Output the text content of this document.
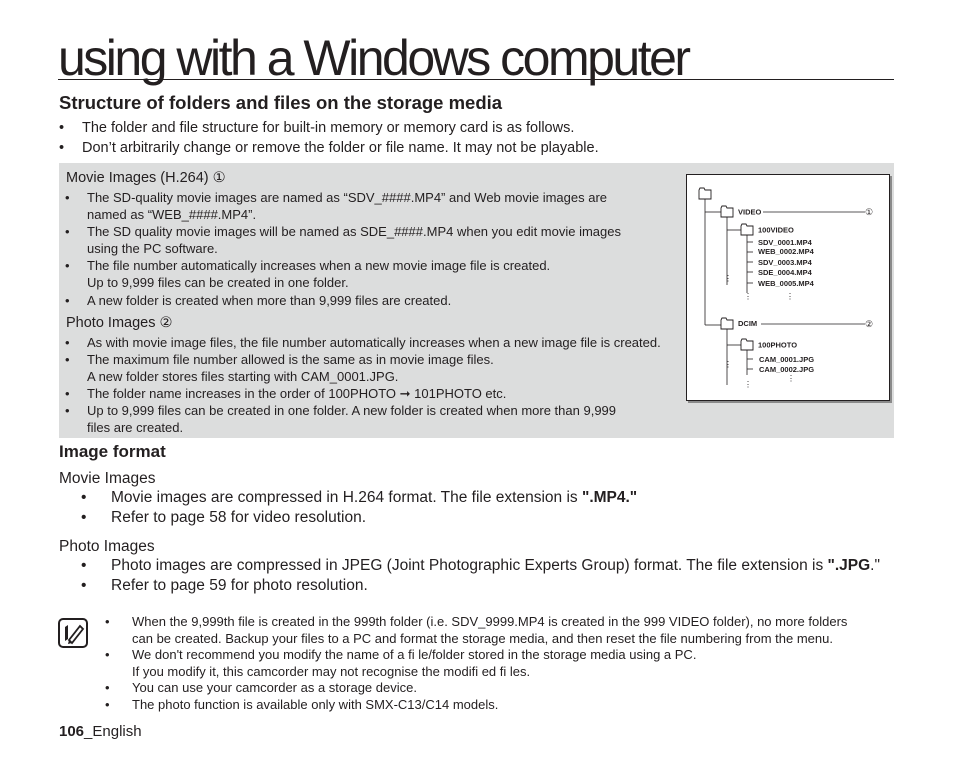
using with a Windows computer
Structure of folders and files on the storage media
•	The folder and file structure for built-in memory or memory card is as follows.
•	Don’t arbitrarily change or remove the folder or file name. It may not be playable.
Movie Images (H.264) ①
•	The SD-quality movie images are named as “SDV_####.MP4” and Web movie images are
named as “WEB_####.MP4”.
•	The SD quality movie images will be named as SDE_####.MP4 when you edit movie images
using the PC software.
•	The file number automatically increases when a new movie image file is created.
Up to 9,999 files can be created in one folder.
•	A new folder is created when more than 9,999 files are created.
Photo Images ②
•	As with movie image files, the file number automatically increases when a new image file is created.
•	The maximum file number allowed is the same as in movie image files.
A new folder stores files starting with CAM_0001.JPG.
•	The folder name increases in the order of 100PHOTO ➞ 101PHOTO etc.
•	Up to 9,999 files can be created in one folder. A new folder is created when more than 9,999
files are created.
VIDEO	①
⋮
100VIDEO
SDV_0001.MP4
WEB_0002.MP4
SDV_0003.MP4
SDE_0004.MP4
WEB_0005.MP4
⋮	⋮
DCIM	②
⋮
100PHOTO
CAM_0001.JPG
CAM_0002.JPG
⋮
⋮
Image format
Movie Images
•	Movie images are compressed in H.264 format. The file extension is ".MP4."
•	Refer to page 58 for video resolution.
Photo Images
•	Photo images are compressed in JPEG (Joint Photographic Experts Group) format. The file extension is ".JPG."
•	Refer to page 59 for photo resolution.
•	When the 9,999th file is created in the 999th folder (i.e. SDV_9999.MP4 is created in the 999 VIDEO folder), no more folders
can be created. Backup your files to a PC and format the storage media, and then reset the file numbering from the menu.
•	We don't recommend you modify the name of a fi le/folder stored in the storage media using a PC.
If you modify it, this camcorder may not recognise the modifi ed fi les.
•	You can use your camcorder as a storage device.
•	The photo function is available only with SMX-C13/C14 models.
106_English
